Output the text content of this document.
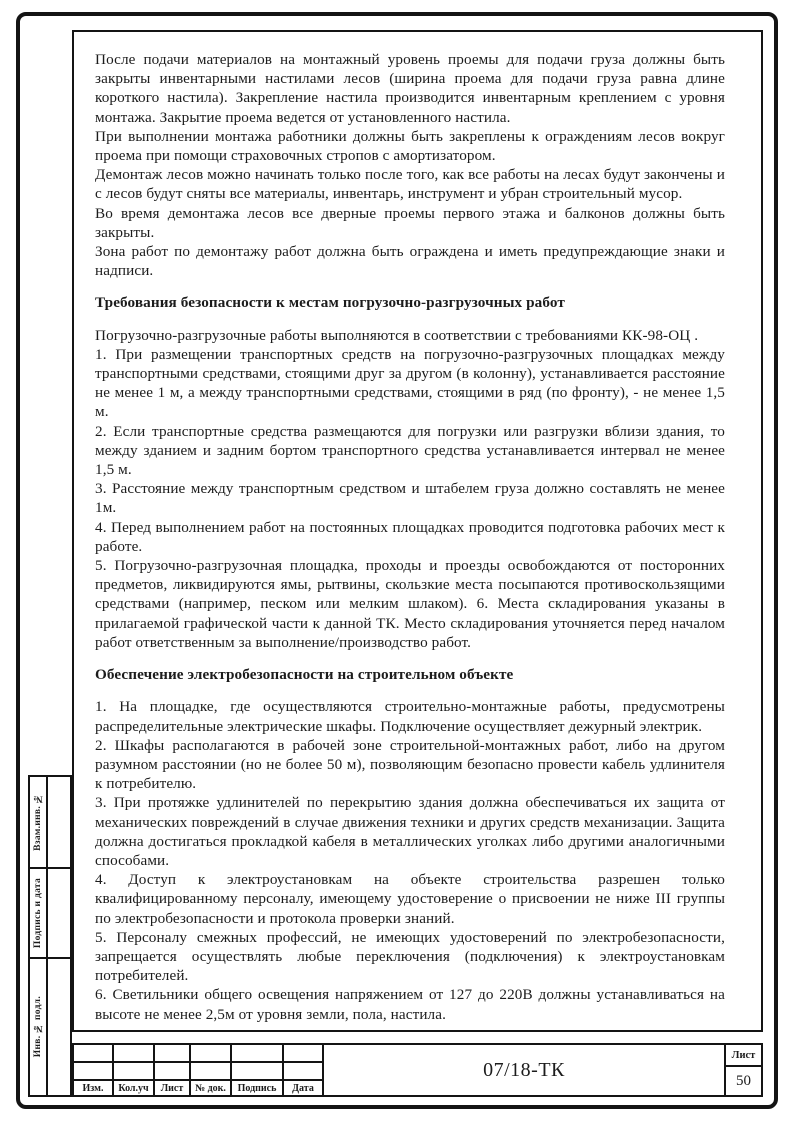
После подачи материалов на монтажный уровень проемы для подачи груза должны быть закрыты инвентарными настилами лесов (ширина проема для подачи груза равна длине короткого настила). Закрепление настила производится инвентарным креплением с уровня монтажа. Закрытие проема ведется от установленного настила.

При выполнении монтажа работники должны быть закреплены к ограждениям лесов вокруг проема при помощи страховочных стропов с амортизатором.

Демонтаж лесов можно начинать только после того, как все работы на лесах будут закончены и с лесов будут сняты все материалы, инвентарь, инструмент и убран строительный мусор.

Во время демонтажа лесов все дверные проемы первого этажа и балконов должны быть закрыты.

Зона работ по демонтажу работ должна быть ограждена и иметь предупреждающие знаки и надписи.

Требования безопасности к местам погрузочно-разгрузочных работ

Погрузочно-разгрузочные работы выполняются в соответствии с требованиями КК-98-ОЦ .

1. При размещении транспортных средств на погрузочно-разгрузочных площадках между транспортными средствами, стоящими друг за другом (в колонну), устанавливается расстояние не менее 1 м, а между транспортными средствами, стоящими в ряд (по фронту), - не менее 1,5 м.

2. Если транспортные средства размещаются для погрузки или разгрузки вблизи здания, то между зданием и задним бортом транспортного средства устанавливается интервал не менее 1,5 м.

3. Расстояние между транспортным средством и штабелем груза должно составлять не менее 1м.

4. Перед выполнением работ на постоянных площадках проводится подготовка рабочих мест к работе.

5. Погрузочно-разгрузочная площадка, проходы и проезды освобождаются от посторонних предметов, ликвидируются ямы, рытвины, скользкие места посыпаются противоскользящими средствами (например, песком или мелким шлаком). 6. Места складирования указаны в прилагаемой графической части к данной ТК. Место складирования уточняется перед началом работ ответственным за выполнение/производство работ.

Обеспечение электробезопасности на строительном объекте

1. На площадке, где осуществляются строительно-монтажные работы, предусмотрены распределительные электрические шкафы. Подключение осуществляет дежурный электрик.

2. Шкафы располагаются в рабочей зоне строительной-монтажных работ, либо на другом разумном расстоянии (но не более 50 м), позволяющим безопасно провести кабель удлинителя к потребителю.

3. При протяжке удлинителей по перекрытию здания должна обеспечиваться их защита от механических повреждений в случае движения техники и других средств механизации. Защита должна достигаться прокладкой кабеля в металлических уголках либо другими аналогичными способами.

4. Доступ к электроустановкам на объекте строительства разрешен только квалифицированному персоналу, имеющему удостоверение о присвоении не ниже III группы по электробезопасности и протокола проверки знаний.

5. Персоналу смежных профессий, не имеющих удостоверений по электробезопасности, запрещается осуществлять любые переключения (подключения) к электроустановкам потребителей.

6. Светильники общего освещения напряжением от 127 до 220В должны устанавливаться на высоте не менее 2,5м от уровня земли, пола, настила.

Взам.инв. №
Подпись и дата
Инв. № подл.
Изм.	Кол.уч	Лист	№ док.	Подпись	Дата
07/18-ТК
Лист
50
